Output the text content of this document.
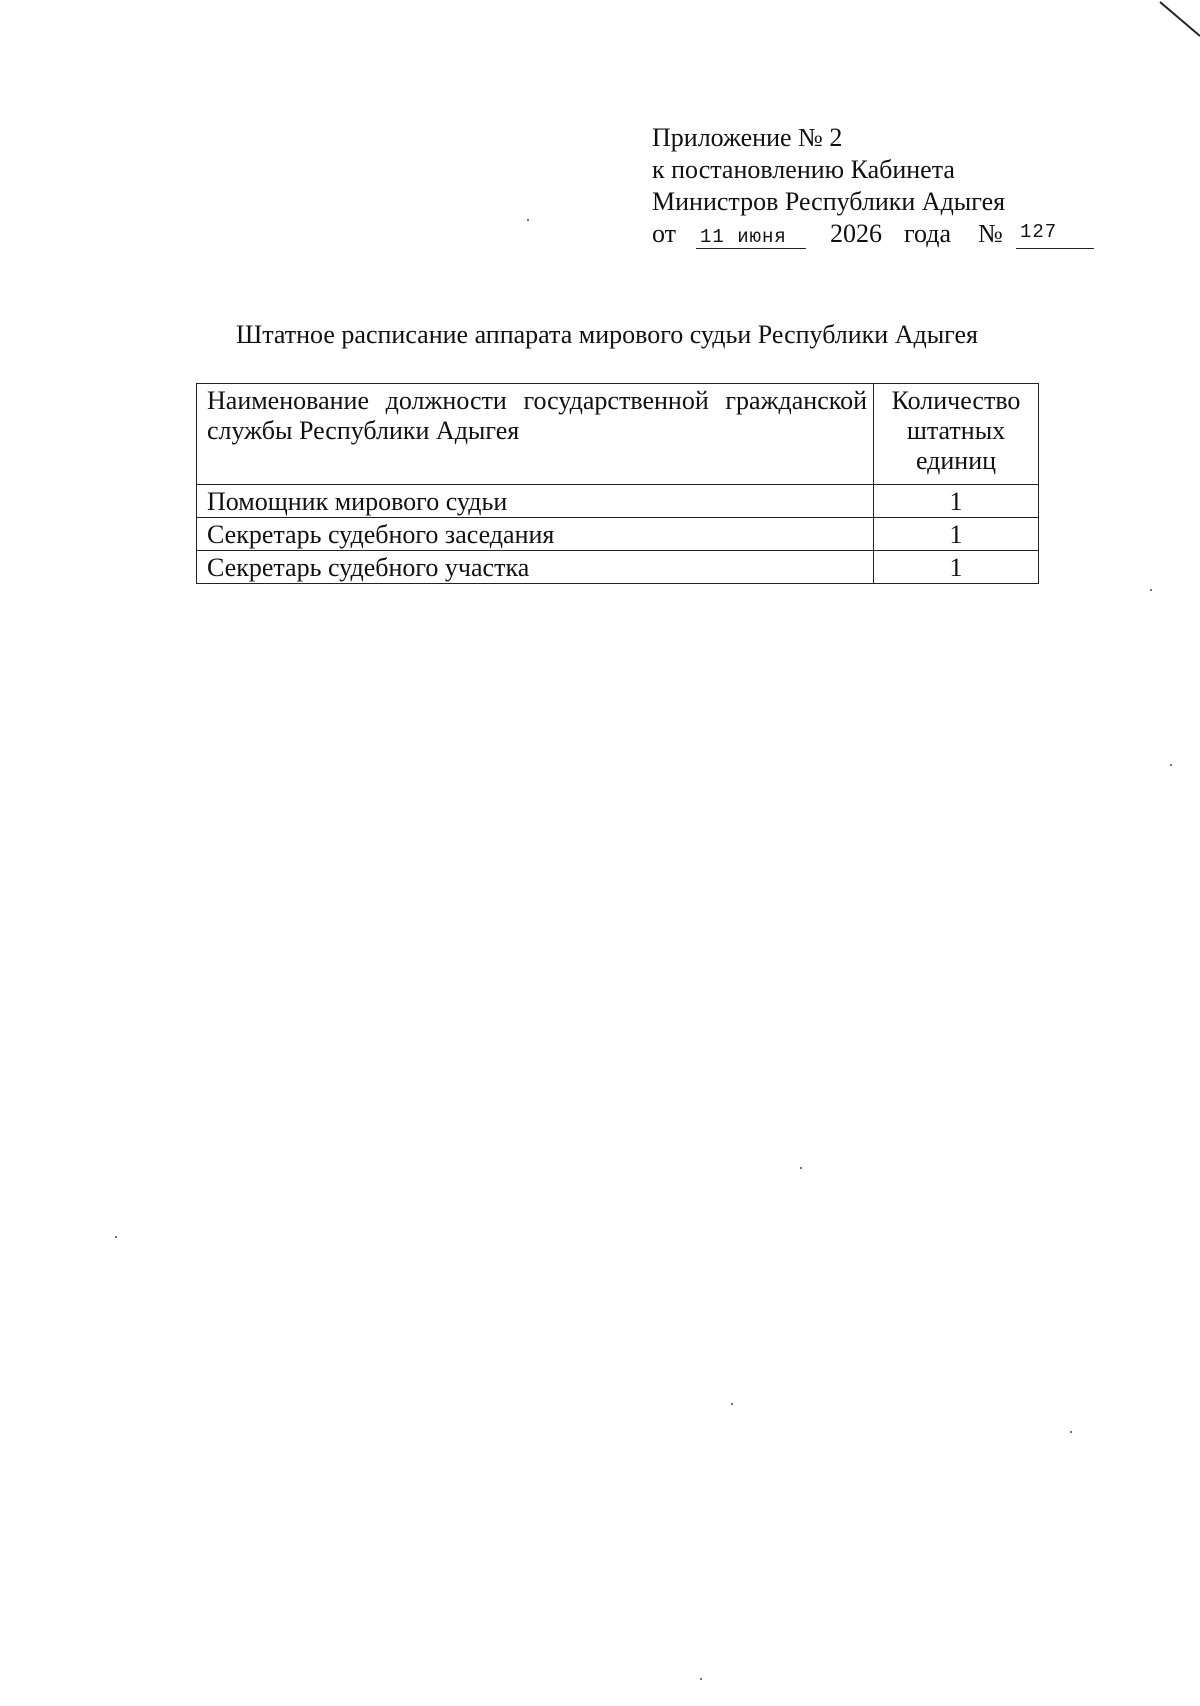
Приложение № 2
к постановлению Кабинета
Министров Республики Адыгея
от 11 июня 2026 года № 127
Штатное расписание аппарата мирового судьи Республики Адыгея
Наименование должности государственной гражданской службы Республики Адыгея	Количество штатных единиц
Помощник мирового судьи	1
Секретарь судебного заседания	1
Секретарь судебного участка	1
